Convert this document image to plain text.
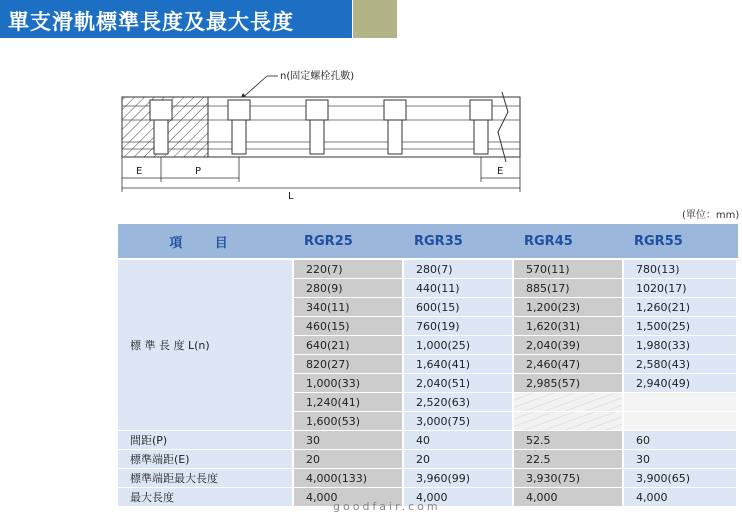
單支滑軌標準長度及最大長度
n(固定螺栓孔數)
E	P	E
L
(單位：mm)
項 目	RGR25	RGR35	RGR45	RGR55
標 準 長 度 L(n)	220(7)	280(7)	570(11)	780(13)
	280(9)	440(11)	885(17)	1020(17)
	340(11)	600(15)	1,200(23)	1,260(21)
	460(15)	760(19)	1,620(31)	1,500(25)
	640(21)	1,000(25)	2,040(39)	1,980(33)
	820(27)	1,640(41)	2,460(47)	2,580(43)
	1,000(33)	2,040(51)	2,985(57)	2,940(49)
	1,240(41)	2,520(63)		
	1,600(53)	3,000(75)		
間距(P)	30	40	52.5	60
標準端距(E)	20	20	22.5	30
標準端距最大長度	4,000(133)	3,960(99)	3,930(75)	3,900(65)
最大長度	4,000	4,000	4,000	4,000
goodfair.com
